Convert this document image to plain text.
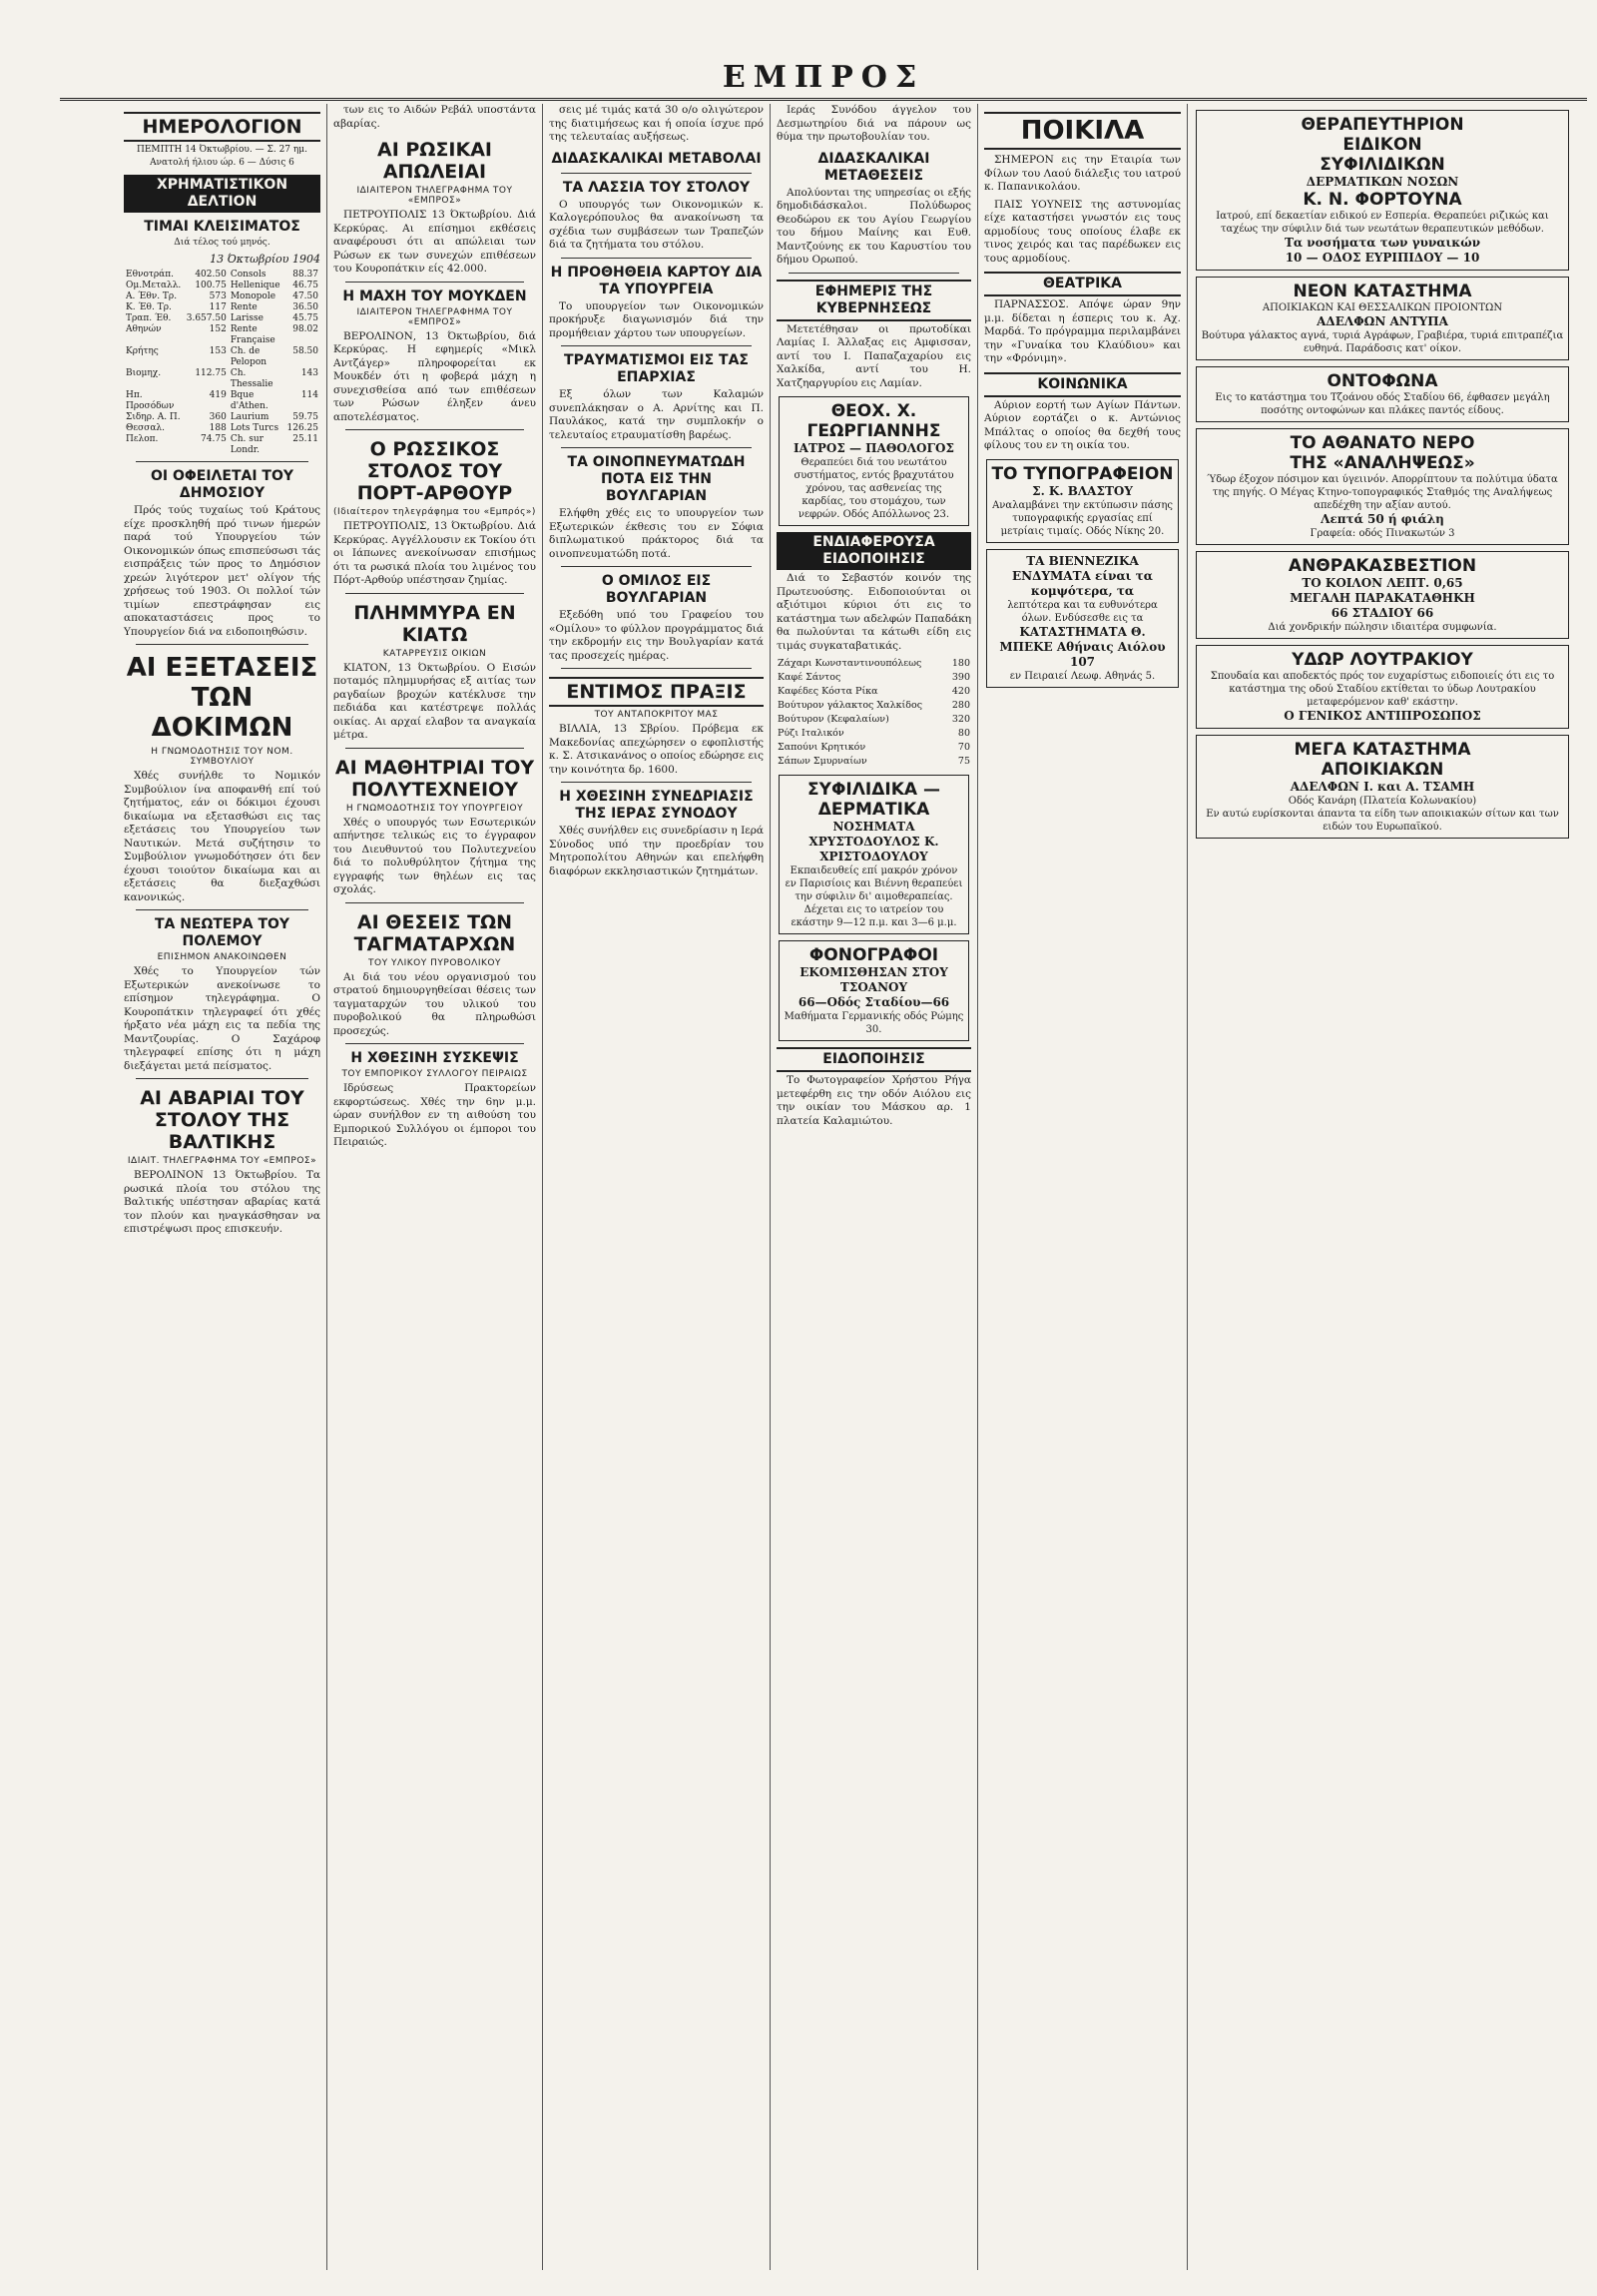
ΕΜΠΡΟΣ
ΗΜΕΡΟΛΟΓΙΟΝ
ΠΕΜΠΤΗ 14 Όκτωβρίου. — Σ. 27 ημ.
Ανατολή ήλιου ώρ. 6 — Δύσις 6
ΧΡΗΜΑΤΙΣΤΙΚΟΝ ΔΕΛΤΙΟΝ
ΤΙΜΑΙ ΚΛΕΙΣΙΜΑΤΟΣ
Διά τέλος τού μηνός.
13 Όκτωβρίου 1904
Εθνοτράπ.	402.50	Consols	88.37
Ομ.Μεταλλ.	100.75	Hellenique	46.75
Α. Έθν. Τρ.	573	Monopole	47.50
Κ. Έθ. Τρ.	117	Rente	36.50
Τραπ. Έθ.	3.657.50	Larisse	45.75
Αθηνών	152	Rente Française	98.02
Κρήτης	153	Ch. de Pelopon	58.50
Βιομηχ.	112.75	Ch. Thessalie	143
Ηπ. Προσόδων	419	Bque d'Athen.	114
Σιδηρ. Α. Π.	360	Laurium	59.75
Θεσσαλ.	188	Lots Turcs	126.25
Πελοπ.	74.75	Ch. sur Londr.	25.11
ΟΙ ΟΦΕΙΛΕΤΑΙ ΤΟΥ ΔΗΜΟΣΙΟΥ

Πρός τούς τυχαίως τού Κράτους είχε προσκληθή πρό τινων ήμερών παρά τού Υπουργείου τών Οικονομικών όπως επισπεύσωσι τάς εισπράξεις τών προς το Δημόσιον χρεών λιγότερον μετ' ολίγον τής χρήσεως τού 1903. Οι πολλοί τών τιμίων επεστράφησαν εις αποκαταστάσεις προς το Υπουργείον διά να ειδοποιηθώσιν.

ΑΙ ΕΞΕΤΑΣΕΙΣ ΤΩΝ ΔΟΚΙΜΩΝ
Η ΓΝΩΜΟΔΟΤΗΣΙΣ ΤΟΥ ΝΟΜ. ΣΥΜΒΟΥΛΙΟΥ

Χθές συνήλθε το Νομικόν Συμβούλιον ίνα αποφανθή επί τού ζητήματος, εάν οι δόκιμοι έχουσι δικαίωμα να εξετασθώσι εις τας εξετάσεις του Υπουργείου των Ναυτικών. Μετά συζήτησιν το Συμβούλιον γνωμοδότησεν ότι δεν έχουσι τοιούτον δικαίωμα και αι εξετάσεις θα διεξαχθώσι κανονικώς.

ΤΑ ΝΕΩΤΕΡΑ ΤΟΥ ΠΟΛΕΜΟΥ
ΕΠΙΣΗΜΟΝ ΑΝΑΚΟΙΝΩΘΕΝ

Χθές το Υπουργείον τών Εξωτερικών ανεκοίνωσε το επίσημον τηλεγράφημα. Ο Κουροπάτκιν τηλεγραφεί ότι χθές ήρξατο νέα μάχη εις τα πεδία της Μαντζουρίας. Ο Σαχάροφ τηλεγραφεί επίσης ότι η μάχη διεξάγεται μετά πείσματος.

ΑΙ ΑΒΑΡΙΑΙ ΤΟΥ ΣΤΟΛΟΥ ΤΗΣ ΒΑΛΤΙΚΗΣ
ΙΔΙΑΙΤ. ΤΗΛΕΓΡΑΦΗΜΑ ΤΟΥ «ΕΜΠΡΟΣ»

ΒΕΡΟΛΙΝΟΝ 13 Όκτωβρίου. Τα ρωσικά πλοία του στόλου της Βαλτικής υπέστησαν αβαρίας κατά τον πλούν και ηναγκάσθησαν να επιστρέψωσι προς επισκευήν.

των εις το Αιδών Ρεβάλ υποστάντα αβαρίας.

ΑΙ ΡΩΣΙΚΑΙ ΑΠΩΛΕΙΑΙ
ΙΔΙΑΙΤΕΡΟΝ ΤΗΛΕΓΡΑΦΗΜΑ ΤΟΥ «ΕΜΠΡΟΣ»

ΠΕΤΡΟΥΠΟΛΙΣ 13 Όκτωβρίου. Διά Κερκύρας. Αι επίσημοι εκθέσεις αναφέρουσι ότι αι απώλειαι των Ρώσων εκ των συνεχών επιθέσεων του Κουροπάτκιν είς 42.000.

Η ΜΑΧΗ ΤΟΥ ΜΟΥΚΔΕΝ
ΙΔΙΑΙΤΕΡΟΝ ΤΗΛΕΓΡΑΦΗΜΑ ΤΟΥ «ΕΜΠΡΟΣ»

ΒΕΡΟΛΙΝΟΝ, 13 Όκτωβρίου, διά Κερκύρας. Η εφημερίς «Μικλ Αντζάγερ» πληροφορείται εκ Μουκδέν ότι η φοβερά μάχη η συνεχισθείσα από των επιθέσεων των Ρώσων έληξεν άνευ αποτελέσματος.

Ο ΡΩΣΣΙΚΟΣ ΣΤΟΛΟΣ ΤΟΥ ΠΟΡΤ-ΑΡΘΟΥΡ
(Ιδιαίτερον τηλεγράφημα του «Εμπρός»)

ΠΕΤΡΟΥΠΟΛΙΣ, 13 Όκτωβρίου. Διά Κερκύρας. Αγγέλλουσιν εκ Τοκίου ότι οι Ιάπωνες ανεκοίνωσαν επισήμως ότι τα ρωσικά πλοία του λιμένος του Πόρτ-Αρθούρ υπέστησαν ζημίας.

ΠΛΗΜΜΥΡΑ ΕΝ ΚΙΑΤΩ
ΚΑΤΑΡΡΕΥΣΙΣ ΟΙΚΙΩΝ

ΚΙΑΤΟΝ, 13 Όκτωβρίου. Ο Εισών ποταμός πλημμυρήσας εξ αιτίας των ραγδαίων βροχών κατέκλυσε την πεδιάδα και κατέστρεψε πολλάς οικίας. Αι αρχαί ελαβον τα αναγκαία μέτρα.

ΑΙ ΜΑΘΗΤΡΙΑΙ ΤΟΥ ΠΟΛΥΤΕΧΝΕΙΟΥ
Η ΓΝΩΜΟΔΟΤΗΣΙΣ ΤΟΥ ΥΠΟΥΡΓΕΙΟΥ

Χθές ο υπουργός των Εσωτερικών απήντησε τελικώς εις το έγγραφον του Διευθυντού του Πολυτεχνείου διά το πολυθρύλητον ζήτημα της εγγραφής των θηλέων εις τας σχολάς.

ΑΙ ΘΕΣΕΙΣ ΤΩΝ ΤΑΓΜΑΤΑΡΧΩΝ
ΤΟΥ ΥΛΙΚΟΥ ΠΥΡΟΒΟΛΙΚΟΥ

Αι διά του νέου οργανισμού του στρατού δημιουργηθείσαι θέσεις των ταγματαρχών του υλικού του πυροβολικού θα πληρωθώσι προσεχώς.

Η ΧΘΕΣΙΝΗ ΣΥΣΚΕΨΙΣ
ΤΟΥ ΕΜΠΟΡΙΚΟΥ ΣΥΛΛΟΓΟΥ ΠΕΙΡΑΙΩΣ

Ιδρύσεως Πρακτορείων εκφορτώσεως. Χθές την 6ην μ.μ. ώραν συνήλθον εν τη αιθούση του Εμπορικού Συλλόγου οι έμποροι του Πειραιώς.

σεις μέ τιμάς κατά 30 ο/ο ολιγώτερον της διατιμήσεως και ή οποία ίσχυε πρό της τελευταίας αυξήσεως.

ΔΙΔΑΣΚΑΛΙΚΑΙ ΜΕΤΑΒΟΛΑΙ
ΤΑ ΛΑΣΣΙΑ ΤΟΥ ΣΤΟΛΟΥ

Ο υπουργός των Οικονομικών κ. Καλογερόπουλος θα ανακοίνωση τα σχέδια των συμβάσεων των Τραπεζών διά τα ζητήματα του στόλου.

Η ΠΡΟΘΗΘΕΙΑ ΚΑΡΤΟΥ ΔΙΑ ΤΑ ΥΠΟΥΡΓΕΙΑ

Το υπουργείον των Οικονομικών προκήρυξε διαγωνισμόν διά την προμήθειαν χάρτου των υπουργείων.

ΤΡΑΥΜΑΤΙΣΜΟΙ ΕΙΣ ΤΑΣ ΕΠΑΡΧΙΑΣ

Εξ όλων των Καλαμών συνεπλάκησαν ο Α. Αρνίτης και Π. Παυλάκος, κατά την συμπλοκήν ο τελευταίος ετραυματίσθη βαρέως.

ΤΑ ΟΙΝΟΠΝΕΥΜΑΤΩΔΗ ΠΟΤΑ ΕΙΣ ΤΗΝ ΒΟΥΛΓΑΡΙΑΝ

Ελήφθη χθές εις το υπουργείον των Εξωτερικών έκθεσις του εν Σόφια διπλωματικού πράκτορος διά τα οινοπνευματώδη ποτά.

Ο ΟΜΙΛΟΣ ΕΙΣ ΒΟΥΛΓΑΡΙΑΝ

Εξεδόθη υπό του Γραφείου του «Ομίλου» το φύλλον προγράμματος διά την εκδρομήν εις την Βουλγαρίαν κατά τας προσεχείς ημέρας.

ΕΝΤΙΜΟΣ ΠΡΑΞΙΣ
ΤΟΥ ΑΝΤΑΠΟΚΡΙΤΟΥ ΜΑΣ

ΒΙΛΛΙΑ, 13 Σβρίου. Πρόβεμα εκ Μακεδονίας απεχώρησεν ο εφοπλιστής κ. Σ. Ατσικανάνος ο οποίος εδώρησε εις την κοινότητα δρ. 1600.

Η ΧΘΕΣΙΝΗ ΣΥΝΕΔΡΙΑΣΙΣ ΤΗΣ ΙΕΡΑΣ ΣΥΝΟΔΟΥ

Χθές συνήλθεν εις συνεδρίασιν η Ιερά Σύνοδος υπό την προεδρίαν του Μητροπολίτου Αθηνών και επελήφθη διαφόρων εκκλησιαστικών ζητημάτων.

Ιεράς Συνόδου άγγελον του Δεσμωτηρίου διά να πάρουν ως θύμα την πρωτοβουλίαν του.

ΔΙΔΑΣΚΑΛΙΚΑΙ ΜΕΤΑΘΕΣΕΙΣ

Απολύονται της υπηρεσίας οι εξής δημοδιδάσκαλοι. Πολύδωρος Θεοδώρου εκ του Αγίου Γεωργίου του δήμου Μαίνης και Ευθ. Μαντζούνης εκ του Καρυστίου του δήμου Ορωπού.

ΕΦΗΜΕΡΙΣ ΤΗΣ ΚΥΒΕΡΝΗΣΕΩΣ

Μετετέθησαν οι πρωτοδίκαι Λαμίας Ι. Άλλαξας εις Αμφισσαν, αντί του Ι. Παπαζαχαρίου εις Χαλκίδα, αντί του Η. Χατζηαργυρίου εις Λαμίαν.

ΘΕΟΧ. Χ. ΓΕΩΡΓΙΑΝΝΗΣ
ΙΑΤΡΟΣ — ΠΑΘΟΛΟΓΟΣ
Θεραπεύει διά του νεωτάτου συστήματος, εντός βραχυτάτου χρόνου, τας ασθενείας της καρδίας, του στομάχου, των νεφρών. Οδός Απόλλωνος 23.
ΕΝΔΙΑΦΕΡΟΥΣΑ ΕΙΔΟΠΟΙΗΣΙΣ

Διά το Σεβαστόν κοινόν της Πρωτευούσης. Ειδοποιούνται οι αξιότιμοι κύριοι ότι εις το κατάστημα των αδελφών Παπαδάκη θα πωλούνται τα κάτωθι είδη εις τιμάς συγκαταβατικάς.

Ζάχαρι Κωνσταντινουπόλεως	180
Καφέ Σάντος	390
Καφέδες Κόστα Ρίκα	420
Βούτυρον γάλακτος Χαλκίδος	280
Βούτυρον (Κεφαλαίων)	320
Ρύζι Ιταλικόν	80
Σαπούνι Κρητικόν	70
Σάπων Σμυρναίων	75
ΣΥΦΙΛΙΔΙΚΑ — ΔΕΡΜΑΤΙΚΑ
ΝΟΣΗΜΑΤΑ
ΧΡΥΣΤΟΔΟΥΛΟΣ Κ. ΧΡΙΣΤΟΔΟΥΛΟΥ
Εκπαιδευθείς επί μακρόν χρόνον εν Παρισίοις και Βιέννη θεραπεύει την σύφιλιν δι' αιμοθεραπείας. Δέχεται εις το ιατρείον του εκάστην 9—12 π.μ. και 3—6 μ.μ.
ΦΟΝΟΓΡΑΦΟΙ
ΕΚΟΜΙΣΘΗΣΑΝ ΣΤΟΥ ΤΣΟΑΝΟΥ
66—Οδός Σταδίου—66
Μαθήματα Γερμανικής οδός Ρώμης 30.
ΕΙΔΟΠΟΙΗΣΙΣ

Το Φωτογραφείον Χρήστου Ρήγα μετεφέρθη εις την οδόν Αιόλου εις την οικίαν του Μάσκου αρ. 1 πλατεία Καλαμιώτου.

ΠΟΙΚΙΛΑ

ΣΗΜΕΡΟΝ εις την Εταιρία των Φίλων του Λαού διάλεξις του ιατρού κ. Παπανικολάου.

ΠΑΙΣ ΥΟΥΝΕΙΣ της αστυνομίας είχε καταστήσει γνωστόν εις τους αρμοδίους τους οποίους έλαβε εκ τινος χειρός και τας παρέδωκεν εις τους αρμοδίους.

ΘΕΑΤΡΙΚΑ

ΠΑΡΝΑΣΣΟΣ. Απόψε ώραν 9ην μ.μ. δίδεται η έσπερις του κ. Αχ. Μαρδά. Το πρόγραμμα περιλαμβάνει την «Γυναίκα του Κλαύδιου» και την «Φρόνιμη».

ΚΟΙΝΩΝΙΚΑ

Αύριον εορτή των Αγίων Πάντων. Αύριον εορτάζει ο κ. Αντώνιος Μπάλτας ο οποίος θα δεχθή τους φίλους του εν τη οικία του.

ΤΟ ΤΥΠΟΓΡΑΦΕΙΟΝ
Σ. Κ. ΒΛΑΣΤΟΥ
Αναλαμβάνει την εκτύπωσιν πάσης τυπογραφικής εργασίας επί μετρίαις τιμαίς. Οδός Νίκης 20.
ΤΑ ΒΙΕΝΝΕΖΙΚΑ ΕΝΔΥΜΑΤΑ είναι τα κομψότερα, τα
λεπτότερα και τα ευθυνότερα όλων. Ενδύσεσθε εις τα
ΚΑΤΑΣΤΗΜΑΤΑ Θ. ΜΠΕΚΕ Αθήναις Αιόλου 107
εν Πειραιεί Λεωφ. Αθηνάς 5.
ΘΕΡΑΠΕΥΤΗΡΙΟΝ
ΕΙΔΙΚΟΝ
ΣΥΦΙΛΙΔΙΚΩΝ
ΔΕΡΜΑΤΙΚΩΝ ΝΟΣΩΝ
Κ. Ν. ΦΟΡΤΟΥΝΑ
Ιατρού, επί δεκαετίαν ειδικού εν Εσπερία. Θεραπεύει ριζικώς και ταχέως την σύφιλιν διά των νεωτάτων θεραπευτικών μεθόδων.
Τα νοσήματα των γυναικών
10 — ΟΔΟΣ ΕΥΡΙΠΙΔΟΥ — 10
ΝΕΟΝ ΚΑΤΑΣΤΗΜΑ
ΑΠΟΙΚΙΑΚΩΝ ΚΑΙ ΘΕΣΣΑΛΙΚΩΝ ΠΡΟΙΟΝΤΩΝ
ΑΔΕΛΦΩΝ ΑΝΤΥΠΑ
Βούτυρα γάλακτος αγνά, τυριά Αγράφων, Γραβιέρα, τυριά επιτραπέζια ευθηνά. Παράδοσις κατ' οίκον.
ΟΝΤΟΦΩΝΑ
Εις το κατάστημα του Τζοάνου οδός Σταδίου 66, έφθασεν μεγάλη ποσότης οντοφώνων και πλάκες παντός είδους.
ΤΟ ΑΘΑΝΑΤΟ ΝΕΡΟ
ΤΗΣ «ΑΝΑΛΗΨΕΩΣ»
Ύδωρ έξοχον πόσιμον και ύγειινόν. Απορρίπτουν τα πολύτιμα ύδατα της πηγής. Ο Μέγας Κτηνο-τοπογραφικός Σταθμός της Αναλήψεως απεδέχθη την αξίαν αυτού.
Λεπτά 50 ή φιάλη
Γραφεία: οδός Πινακωτών 3
ΑΝΘΡΑΚΑΣΒΕΣΤΙΟΝ
ΤΟ ΚΟΙΛΟΝ ΛΕΠΤ. 0,65
ΜΕΓΑΛΗ ΠΑΡΑΚΑΤΑΘΗΚΗ
66 ΣΤΑΔΙΟΥ 66
Διά χονδρικήν πώλησιν ιδιαιτέρα συμφωνία.
ΥΔΩΡ ΛΟΥΤΡΑΚΙΟΥ
Σπουδαία και αποδεκτός πρός τον ευχαρίστως ειδοποιείς ότι εις το κατάστημα της οδού Σταδίου εκτίθεται το ύδωρ Λουτρακίου μεταφερόμενον καθ' εκάστην.
Ο ΓΕΝΙΚΟΣ ΑΝΤΙΠΡΟΣΩΠΟΣ
ΜΕΓΑ ΚΑΤΑΣΤΗΜΑ
ΑΠΟΙΚΙΑΚΩΝ
ΑΔΕΛΦΩΝ Ι. και Α. ΤΣΑΜΗ
Οδός Κανάρη (Πλατεία Κολωνακίου)
Εν αυτώ ευρίσκονται άπαντα τα είδη των αποικιακών σίτων και των ειδών του Ευρωπαϊκού.
